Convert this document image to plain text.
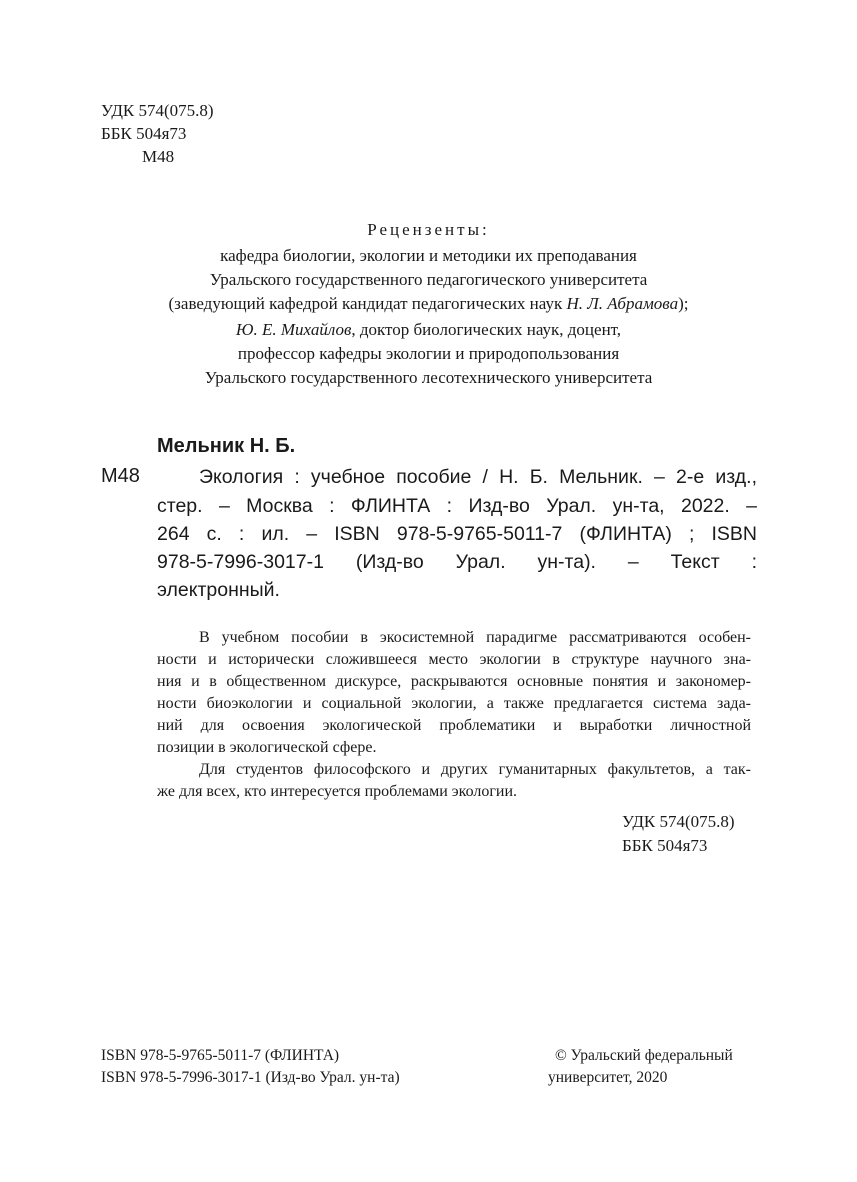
УДК 574(075.8)
ББК 504я73
М48
Рецензенты:
кафедра биологии, экологии и методики их преподавания
Уральского государственного педагогического университета
(заведующий кафедрой кандидат педагогических наук Н. Л. Абрамова);
Ю. Е. Михайлов, доктор биологических наук, доцент,
профессор кафедры экологии и природопользования
Уральского государственного лесотехнического университета
Мельник Н. Б.
М48	Экология : учебное пособие / Н. Б. Мельник. – 2-е изд.,
стер. – Москва : ФЛИНТА : Изд-во Урал. ун-та, 2022. –
264 с. : ил. – ISBN 978-5-9765-5011-7 (ФЛИНТА) ; ISBN
978-5-7996-3017-1 (Изд-во Урал. ун-та). – Текст :
электронный.
В учебном пособии в экосистемной парадигме рассматриваются особен-
ности и исторически сложившееся место экологии в структуре научного зна-
ния и в общественном дискурсе, раскрываются основные понятия и закономер-
ности биоэкологии и социальной экологии, а также предлагается система зада-
ний для освоения экологической проблематики и выработки личностной
позиции в экологической сфере.
Для студентов философского и других гуманитарных факультетов, а так-
же для всех, кто интересуется проблемами экологии.
УДК 574(075.8)
ББК 504я73
ISBN 978-5-9765-5011-7 (ФЛИНТА)
ISBN 978-5-7996-3017-1 (Изд-во Урал. ун-та)
© Уральский федеральный
университет, 2020
